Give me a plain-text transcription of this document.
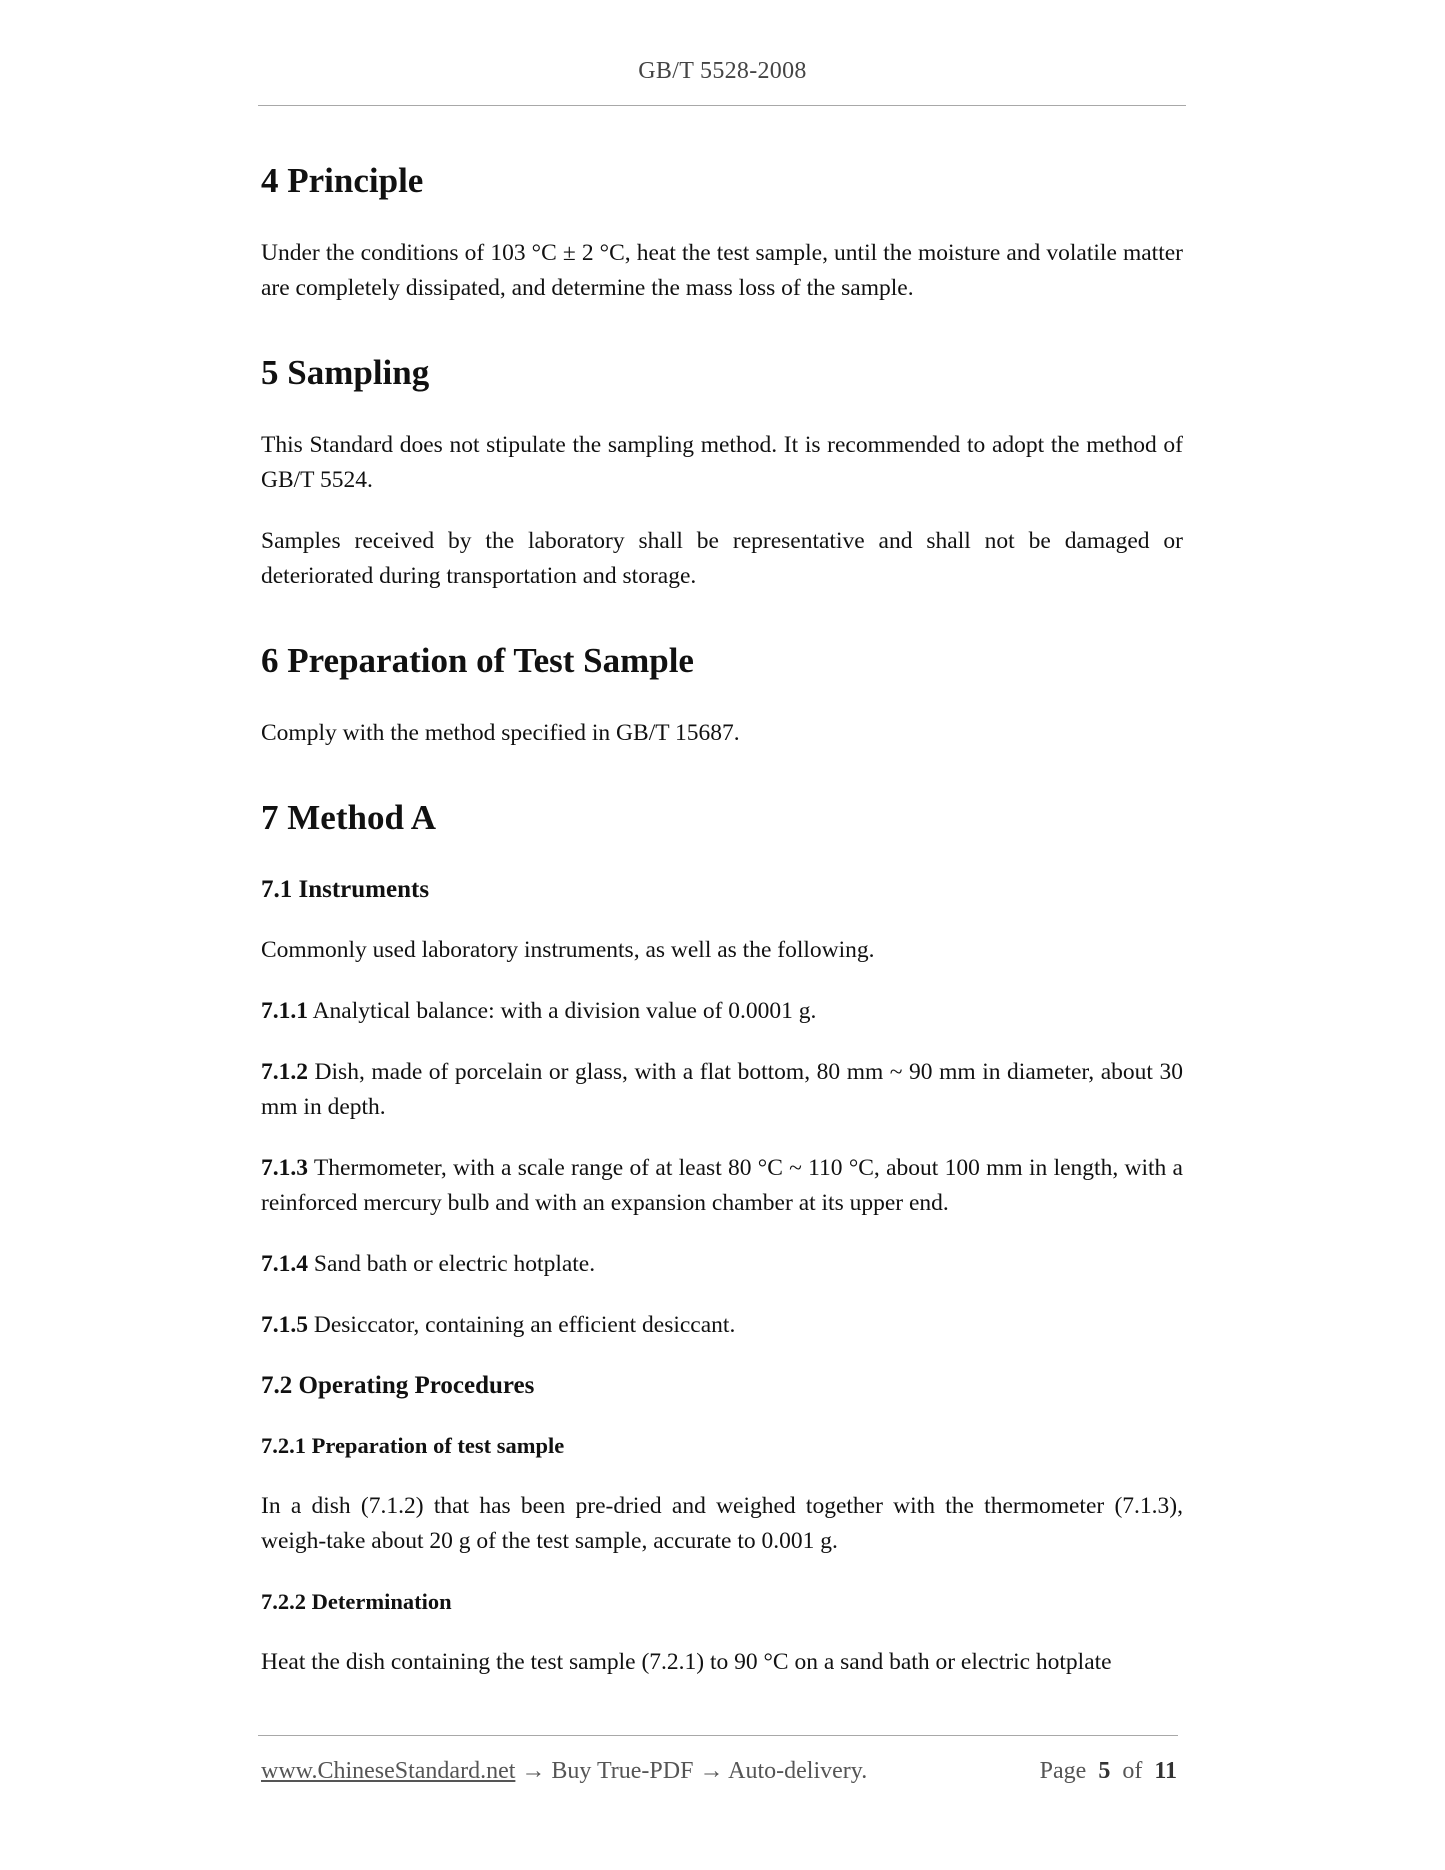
GB/T 5528-2008
4 Principle

Under the conditions of 103 °C ± 2 °C, heat the test sample, until the moisture and volatile matter are completely dissipated, and determine the mass loss of the sample.

5 Sampling

This Standard does not stipulate the sampling method. It is recommended to adopt the method of GB/T 5524.

Samples received by the laboratory shall be representative and shall not be damaged or deteriorated during transportation and storage.

6 Preparation of Test Sample

Comply with the method specified in GB/T 15687.

7 Method A
7.1 Instruments

Commonly used laboratory instruments, as well as the following.

7.1.1 Analytical balance: with a division value of 0.0001 g.

7.1.2 Dish, made of porcelain or glass, with a flat bottom, 80 mm ~ 90 mm in diameter, about 30 mm in depth.

7.1.3 Thermometer, with a scale range of at least 80 °C ~ 110 °C, about 100 mm in length, with a reinforced mercury bulb and with an expansion chamber at its upper end.

7.1.4 Sand bath or electric hotplate.

7.1.5 Desiccator, containing an efficient desiccant.

7.2 Operating Procedures
7.2.1 Preparation of test sample

In a dish (7.1.2) that has been pre-dried and weighed together with the thermometer (7.1.3), weigh-take about 20 g of the test sample, accurate to 0.001 g.

7.2.2 Determination

Heat the dish containing the test sample (7.2.1) to 90 °C on a sand bath or electric hotplate

www.ChineseStandard.net → Buy True-PDF → Auto-delivery.	Page 5 of 11
